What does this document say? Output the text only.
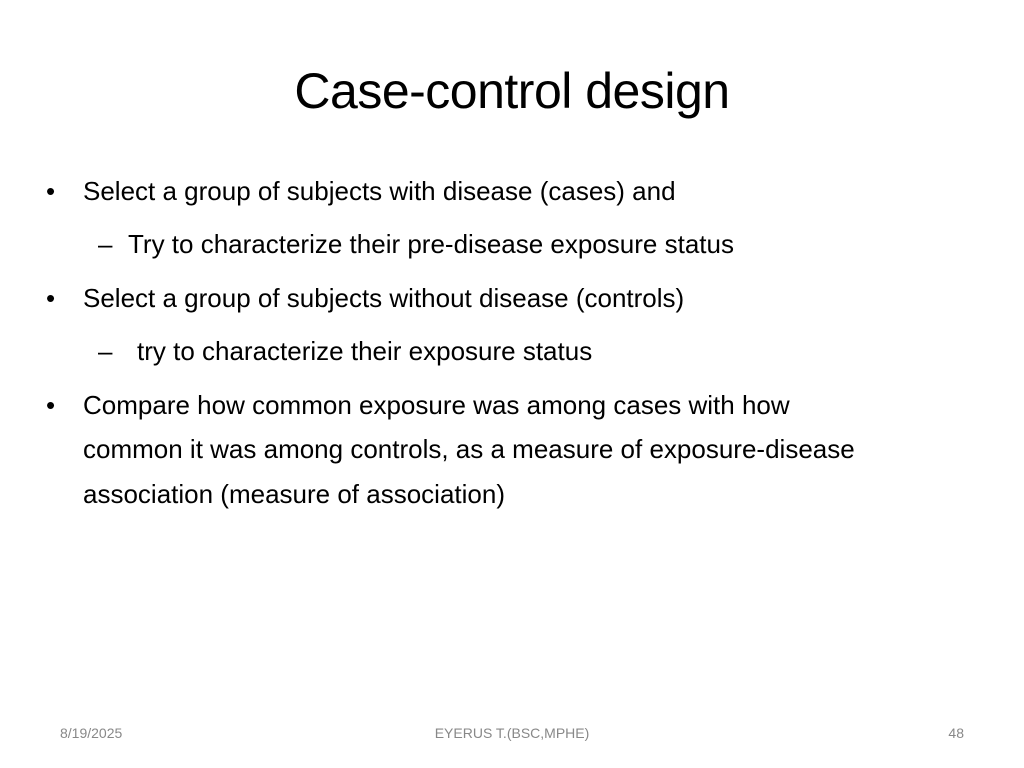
Case-control design
• Select a group of subjects with disease (cases) and
– Try to characterize their pre-disease exposure status
• Select a group of subjects without disease (controls)
– try to characterize their exposure status
• Compare how common exposure was among cases with how
common it was among controls, as a measure of exposure-disease
association (measure of association)
8/19/2025	EYERUS T.(BSC,MPHE)	48
